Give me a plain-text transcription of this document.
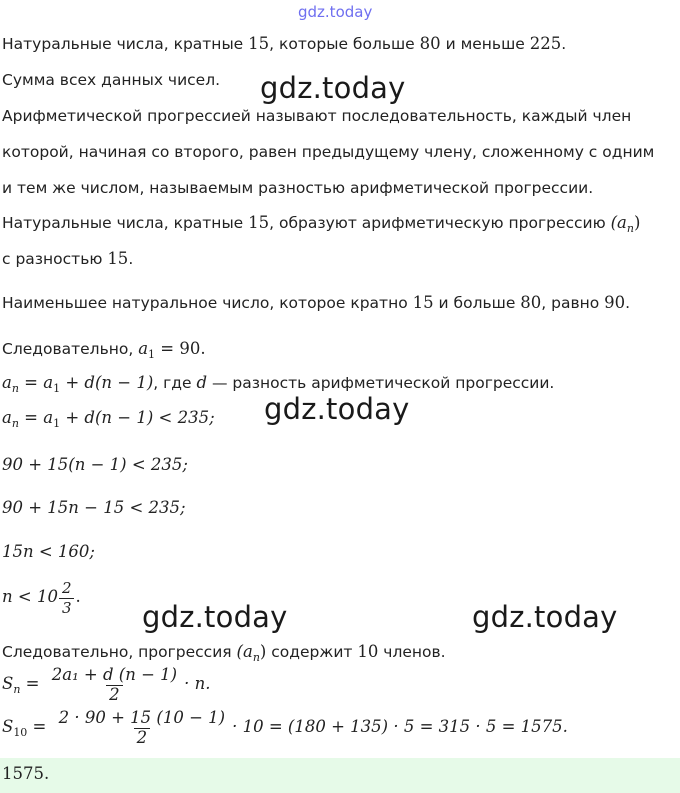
gdz.today
Натуральные числа, кратные 15, которые больше 80 и меньше 225.
Сумма всех данных чисел.
Арифметической прогрессией называют последовательность, каждый член
которой, начиная со второго, равен предыдущему члену, сложенному с одним
и тем же числом, называемым разностью арифметической прогрессии.
Натуральные числа, кратные 15, образуют арифметическую прогрессию $(a_n)$
с разностью 15.
Наименьшее натуральное число, которое кратно 15 и больше 80, равно 90.
Следовательно, $a_1 = 90$.
$a_n = a_1 + d(n - 1)$, где d — разность арифметической прогрессии.
$a_n = a_1 + d(n - 1) < 235$;
90 + 15(n − 1) < 235;
90 + 15n − 15 < 235;
15n < 160;
$n < 10 \frac{2}{3}$ .
Следовательно, прогрессия $(a_n)$ содержит 10 членов.
$S_n = \frac{\text{2a₁ + d (n − 1)}}{2} \cdot n$.
$S_{10} = \frac{2 \cdot 90 + 15 (10 - 1)}{2} \cdot 10 = (180 + 135) \cdot 5 = 315 \cdot 5 = 1575$.
1575.
gdz.today
gdz.today
gdz.today	gdz.today
